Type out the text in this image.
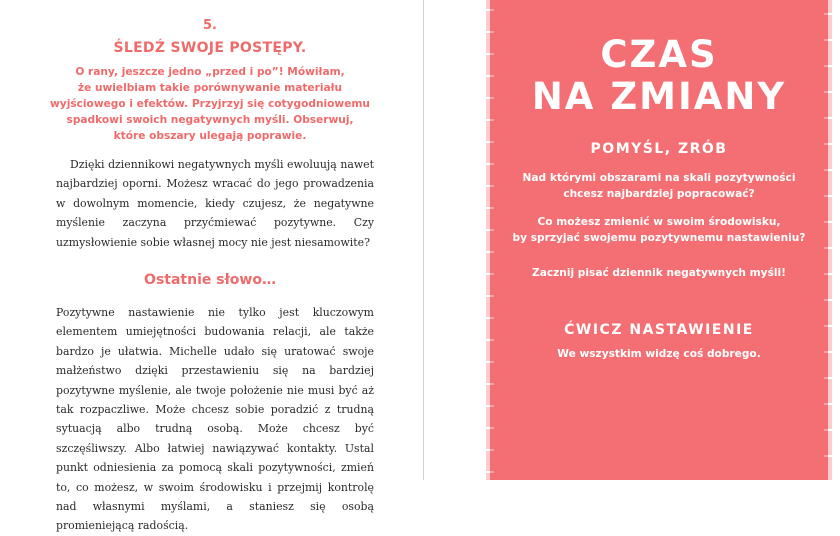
5.
ŚLEDŹ SWOJE POSTĘPY.
O rany, jeszcze jedno „przed i po”! Mówiłam,
że uwielbiam takie porównywanie materiału
wyjściowego i efektów. Przyjrzyj się cotygodniowemu
spadkowi swoich negatywnych myśli. Obserwuj,
które obszary ulegają poprawie.

Dzięki dziennikowi negatywnych myśli ewoluują nawet najbardziej oporni. Możesz wracać do jego prowadzenia w dowolnym momencie, kiedy czujesz, że negatywne myślenie zaczyna przyćmiewać pozytywne. Czy uzmysłowienie sobie własnej mocy nie jest niesamowite?

Ostatnie słowo…

Pozytywne nastawienie nie tylko jest kluczowym elementem umiejętności budowania relacji, ale także bardzo je ułatwia. Michelle udało się uratować swoje małżeństwo dzięki przestawieniu się na bardziej pozytywne myślenie, ale twoje położenie nie musi być aż tak rozpaczliwe. Może chcesz sobie poradzić z trudną sytuacją albo trudną osobą. Może chcesz być szczęśliwszy. Albo łatwiej nawiązywać kontakty. Ustal punkt odniesienia za pomocą skali pozytywności, zmień to, co możesz, w swoim środowisku i przejmij kontrolę nad własnymi myślami, a staniesz się osobą promieniejącą radością.

CZAS
NA ZMIANY
POMYŚL, ZRÓB
Nad którymi obszarami na skali pozytywności
chcesz najbardziej popracować?
Co możesz zmienić w swoim środowisku,
by sprzyjać swojemu pozytywnemu nastawieniu?
Zacznij pisać dziennik negatywnych myśli!
ĆWICZ NASTAWIENIE
We wszystkim widzę coś dobrego.
